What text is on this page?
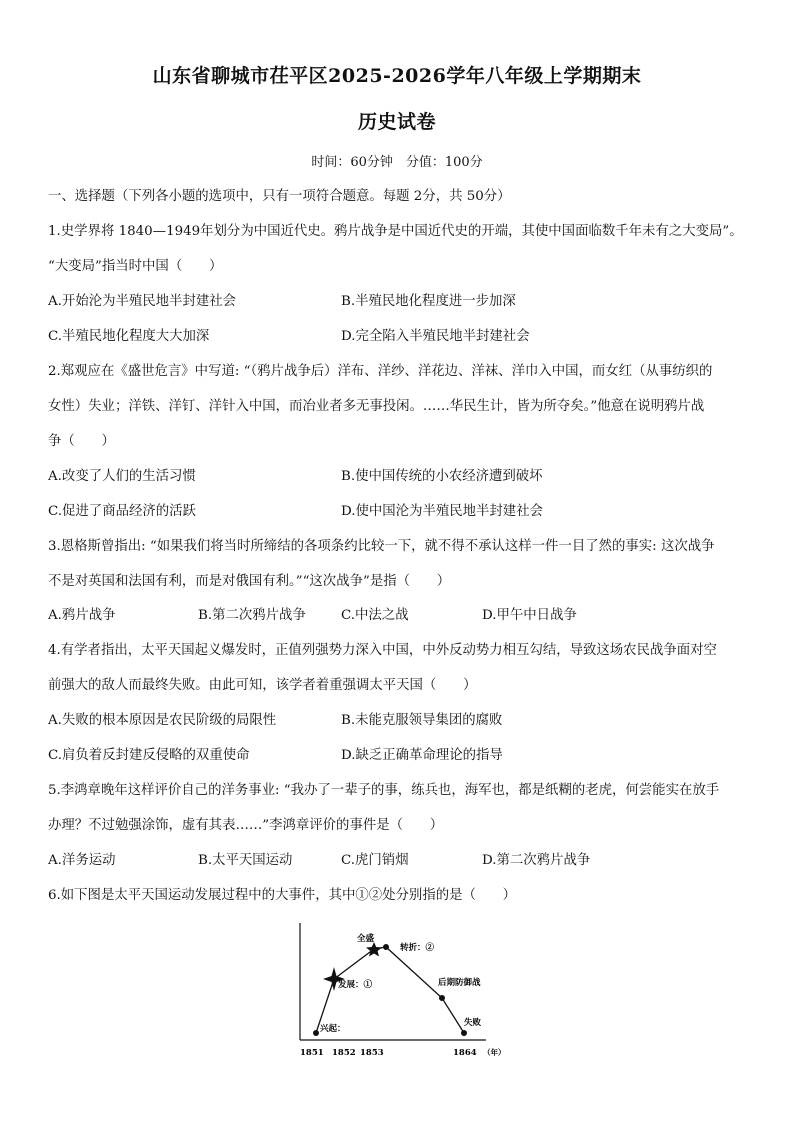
山东省聊城市茌平区2025-2026学年八年级上学期期末
历史试卷
时间：60分钟　分值：100分
一、选择题（下列各小题的选项中，只有一项符合题意。每题 2分，共 50分）
1.史学界将 1840—1949年划分为中国近代史。鸦片战争是中国近代史的开端，其使中国面临数千年未有之大变局”。
“大变局”指当时中国（　　）
A.开始沦为半殖民地半封建社会	B.半殖民地化程度进一步加深
C.半殖民地化程度大大加深	D.完全陷入半殖民地半封建社会
2.郑观应在《盛世危言》中写道: “（鸦片战争后）洋布、洋纱、洋花边、洋袜、洋巾入中国，而女红（从事纺织的
女性）失业；洋铁、洋钉、洋针入中国，而冶业者多无事投闲。……华民生计，皆为所夺矣。”他意在说明鸦片战
争（　　）
A.改变了人们的生活习惯	B.使中国传统的小农经济遭到破坏
C.促进了商品经济的活跃	D.使中国沦为半殖民地半封建社会
3.恩格斯曾指出: “如果我们将当时所缔结的各项条约比较一下，就不得不承认这样一件一目了然的事实: 这次战争
不是对英国和法国有利，而是对俄国有利。”“这次战争”是指（　　）
A.鸦片战争	B.第二次鸦片战争	C.中法之战	D.甲午中日战争
4.有学者指出，太平天国起义爆发时，正值列强势力深入中国，中外反动势力相互勾结，导致这场农民战争面对空
前强大的敌人而最终失败。由此可知，该学者着重强调太平天国（　　）
A.失败的根本原因是农民阶级的局限性	B.未能克服领导集团的腐败
C.肩负着反封建反侵略的双重使命	D.缺乏正确革命理论的指导
5.李鸿章晚年这样评价自己的洋务事业: “我办了一辈子的事，练兵也，海军也，都是纸糊的老虎，何尝能实在放手
办理？不过勉强涂饰，虚有其表……”李鸿章评价的事件是（　　）
A.洋务运动	B.太平天国运动	C.虎门销烟	D.第二次鸦片战争
6.如下图是太平天国运动发展过程中的大事件，其中①②处分别指的是（　　）
兴起：
发展：①
全盛
转折：②
后期防御战
失败
1851 1852 1853	1864 （年）
